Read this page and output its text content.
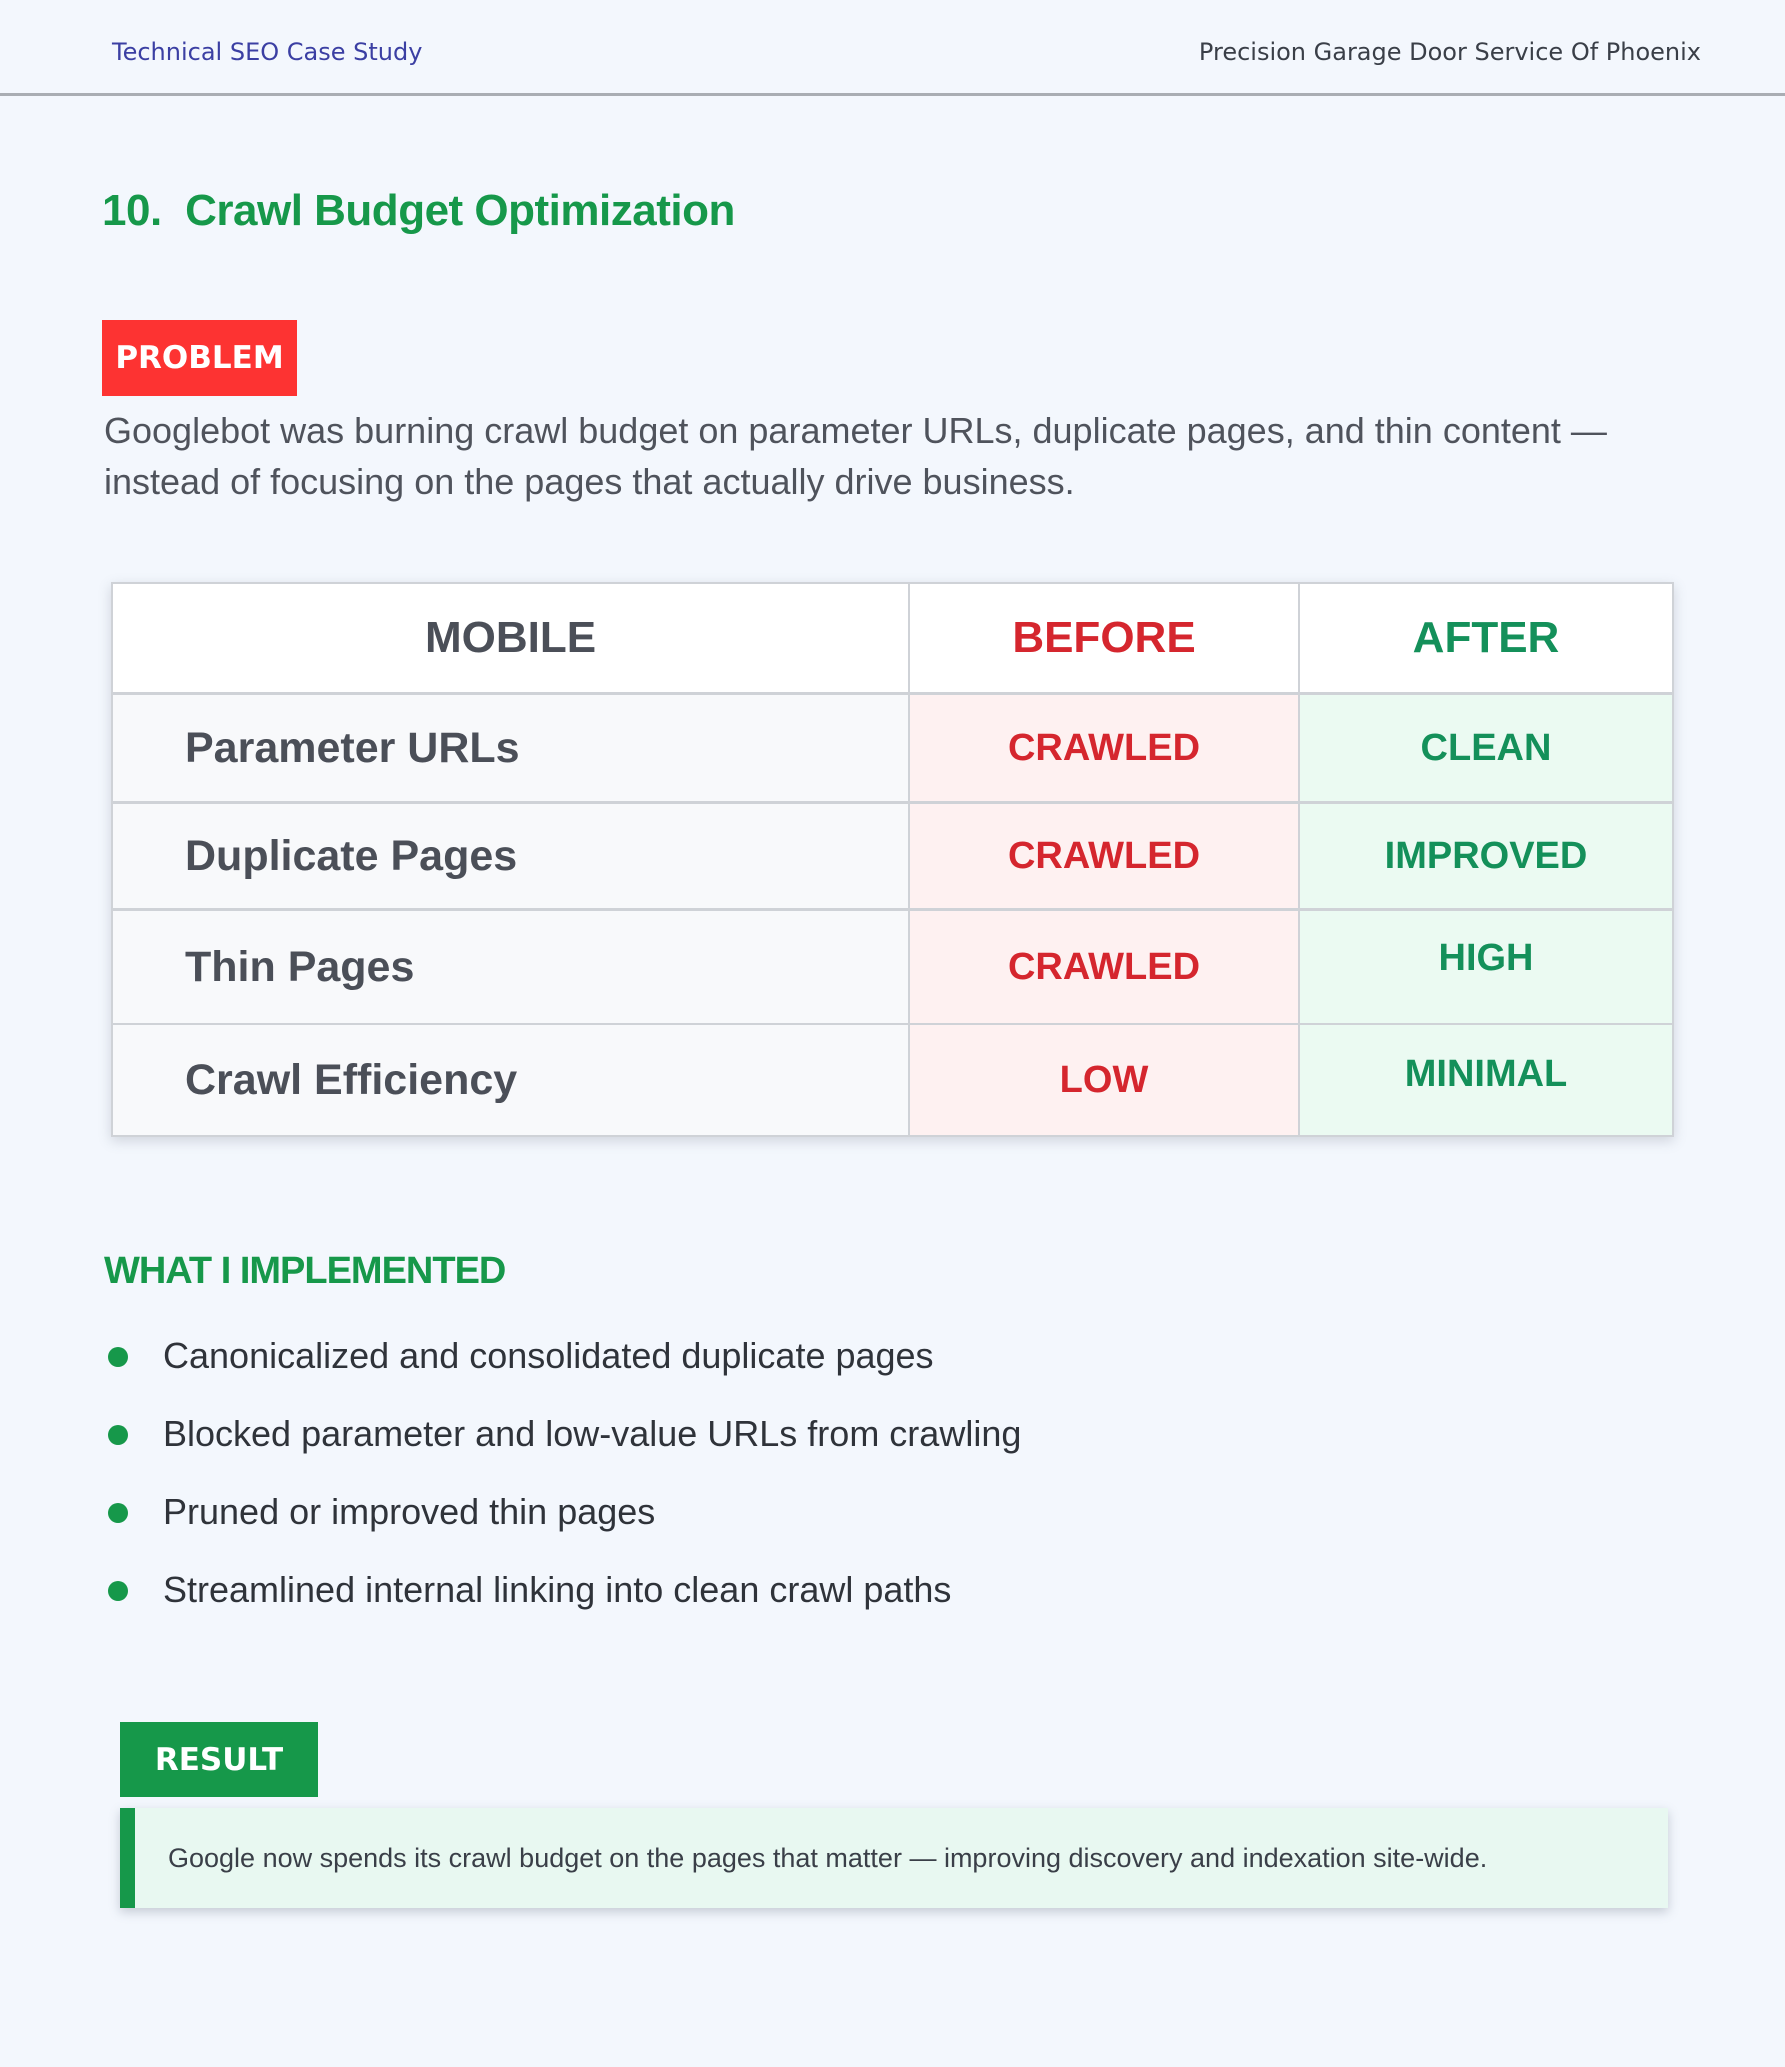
Technical SEO Case Study	Precision Garage Door Service Of Phoenix
10.  Crawl Budget Optimization
PROBLEM
Googlebot was burning crawl budget on parameter URLs, duplicate pages, and thin content — instead of focusing on the pages that actually drive business.
MOBILE	BEFORE	AFTER
Parameter URLs	CRAWLED	CLEAN
Duplicate Pages	CRAWLED	IMPROVED
Thin Pages	CRAWLED	HIGH
Crawl Efficiency	LOW	MINIMAL
WHAT I IMPLEMENTED
Canonicalized and consolidated duplicate pages
Blocked parameter and low-value URLs from crawling
Pruned or improved thin pages
Streamlined internal linking into clean crawl paths
RESULT
Google now spends its crawl budget on the pages that matter — improving discovery and indexation site-wide.
